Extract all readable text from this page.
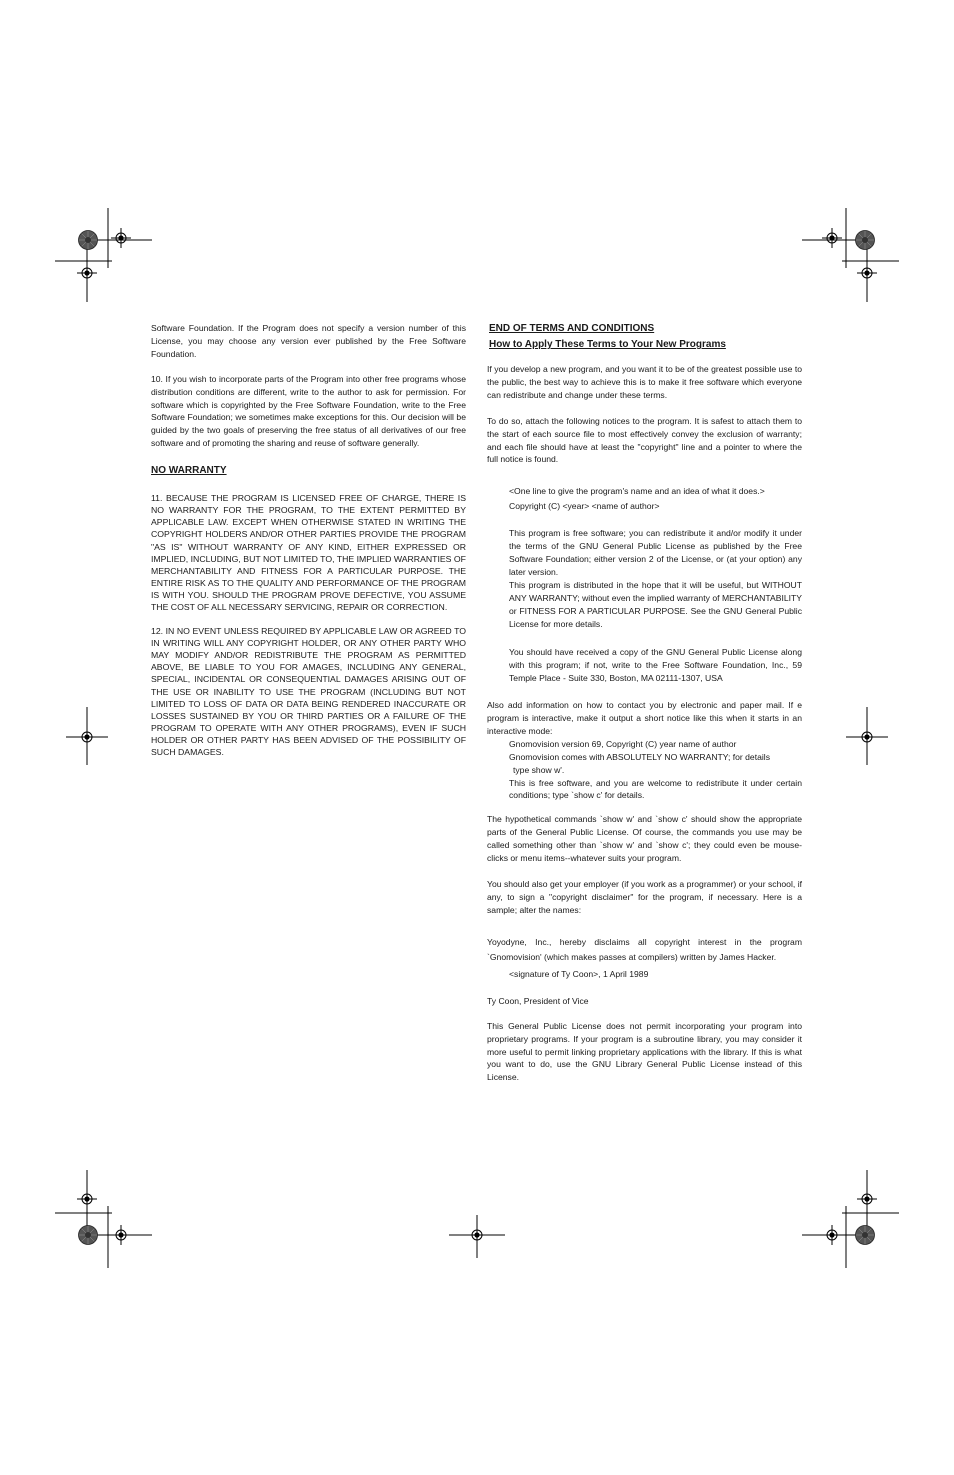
Software Foundation. If the Program does not specify a version number of this License, you may choose any version ever published by the Free Software Foundation.

10. If you wish to incorporate parts of the Program into other free programs whose distribution conditions are different, write to the author to ask for permission. For software which is copyrighted by the Free Software Foundation, write to the Free Software Foundation; we sometimes make exceptions for this. Our decision will be guided by the two goals of preserving the free status of all derivatives of our free software and of promoting the sharing and reuse of software generally.

NO WARRANTY

11. BECAUSE THE PROGRAM IS LICENSED FREE OF CHARGE, THERE IS NO WARRANTY FOR THE PROGRAM, TO THE EXTENT PERMITTED BY APPLICABLE LAW. EXCEPT WHEN OTHERWISE STATED IN WRITING THE COPYRIGHT HOLDERS AND/OR OTHER PARTIES PROVIDE THE PROGRAM "AS IS" WITHOUT WARRANTY OF ANY KIND, EITHER EXPRESSED OR IMPLIED, INCLUDING, BUT NOT LIMITED TO, THE IMPLIED WARRANTIES OF MERCHANTABILITY AND FITNESS FOR A PARTICULAR PURPOSE. THE ENTIRE RISK AS TO THE QUALITY AND PERFORMANCE OF THE PROGRAM IS WITH YOU. SHOULD THE PROGRAM PROVE DEFECTIVE, YOU ASSUME THE COST OF ALL NECESSARY SERVICING, REPAIR OR CORRECTION.

12. IN NO EVENT UNLESS REQUIRED BY APPLICABLE LAW OR AGREED TO IN WRITING WILL ANY COPYRIGHT HOLDER, OR ANY OTHER PARTY WHO MAY MODIFY AND/OR REDISTRIBUTE THE PROGRAM AS PERMITTED ABOVE, BE LIABLE TO YOU FOR AMAGES, INCLUDING ANY GENERAL, SPECIAL, INCIDENTAL OR CONSEQUENTIAL DAMAGES ARISING OUT OF THE USE OR INABILITY TO USE THE PROGRAM (INCLUDING BUT NOT LIMITED TO LOSS OF DATA OR DATA BEING RENDERED INACCURATE OR LOSSES SUSTAINED BY YOU OR THIRD PARTIES OR A FAILURE OF THE PROGRAM TO OPERATE WITH ANY OTHER PROGRAMS), EVEN IF SUCH HOLDER OR OTHER PARTY HAS BEEN ADVISED OF THE POSSIBILITY OF SUCH DAMAGES.

END OF TERMS AND CONDITIONS

How to Apply These Terms to Your New Programs

If you develop a new program, and you want it to be of the greatest possible use to the public, the best way to achieve this is to make it free software which everyone can redistribute and change under these terms.

To do so, attach the following notices to the program. It is safest to attach them to the start of each source file to most effectively convey the exclusion of warranty; and each file should have at least the "copyright" line and a pointer to where the full notice is found.

<One line to give the program's name and an idea of what it does.>

Copyright (C) <year> <name of author>

This program is free software; you can redistribute it and/or modify it under the terms of the GNU General Public License as published by the Free Software Foundation; either version 2 of the License, or (at your option) any later version.

This program is distributed in the hope that it will be useful, but WITHOUT ANY WARRANTY; without even the implied warranty of MERCHANTABILITY or FITNESS FOR A PARTICULAR PURPOSE. See the GNU General Public License for more details.

You should have received a copy of the GNU General Public License along with this program; if not, write to the Free Software Foundation, Inc., 59 Temple Place - Suite 330, Boston, MA 02111-1307, USA

Also add information on how to contact you by electronic and paper mail. If e program is interactive, make it output a short notice like this when it starts in an interactive mode:

Gnomovision version 69, Copyright (C) year name of author

Gnomovision comes with ABSOLUTELY NO WARRANTY; for details

type show w'.

This is free software, and you are welcome to redistribute it under certain conditions; type `show c' for details.

The hypothetical commands `show w' and `show c' should show the appropriate parts of the General Public License. Of course, the commands you use may be called something other than `show w' and `show c'; they could even be mouse-clicks or menu items--whatever suits your program.

You should also get your employer (if you work as a programmer) or your school, if any, to sign a "copyright disclaimer" for the program, if necessary. Here is a sample; alter the names:

Yoyodyne, Inc., hereby disclaims all copyright interest in the program `Gnomovision' (which makes passes at compilers) written by James Hacker.

<signature of Ty Coon>, 1 April 1989

Ty Coon, President of Vice

This General Public License does not permit incorporating your program into proprietary programs. If your program is a subroutine library, you may consider it more useful to permit linking proprietary applications with the library. If this is what you want to do, use the GNU Library General Public License instead of this License.
